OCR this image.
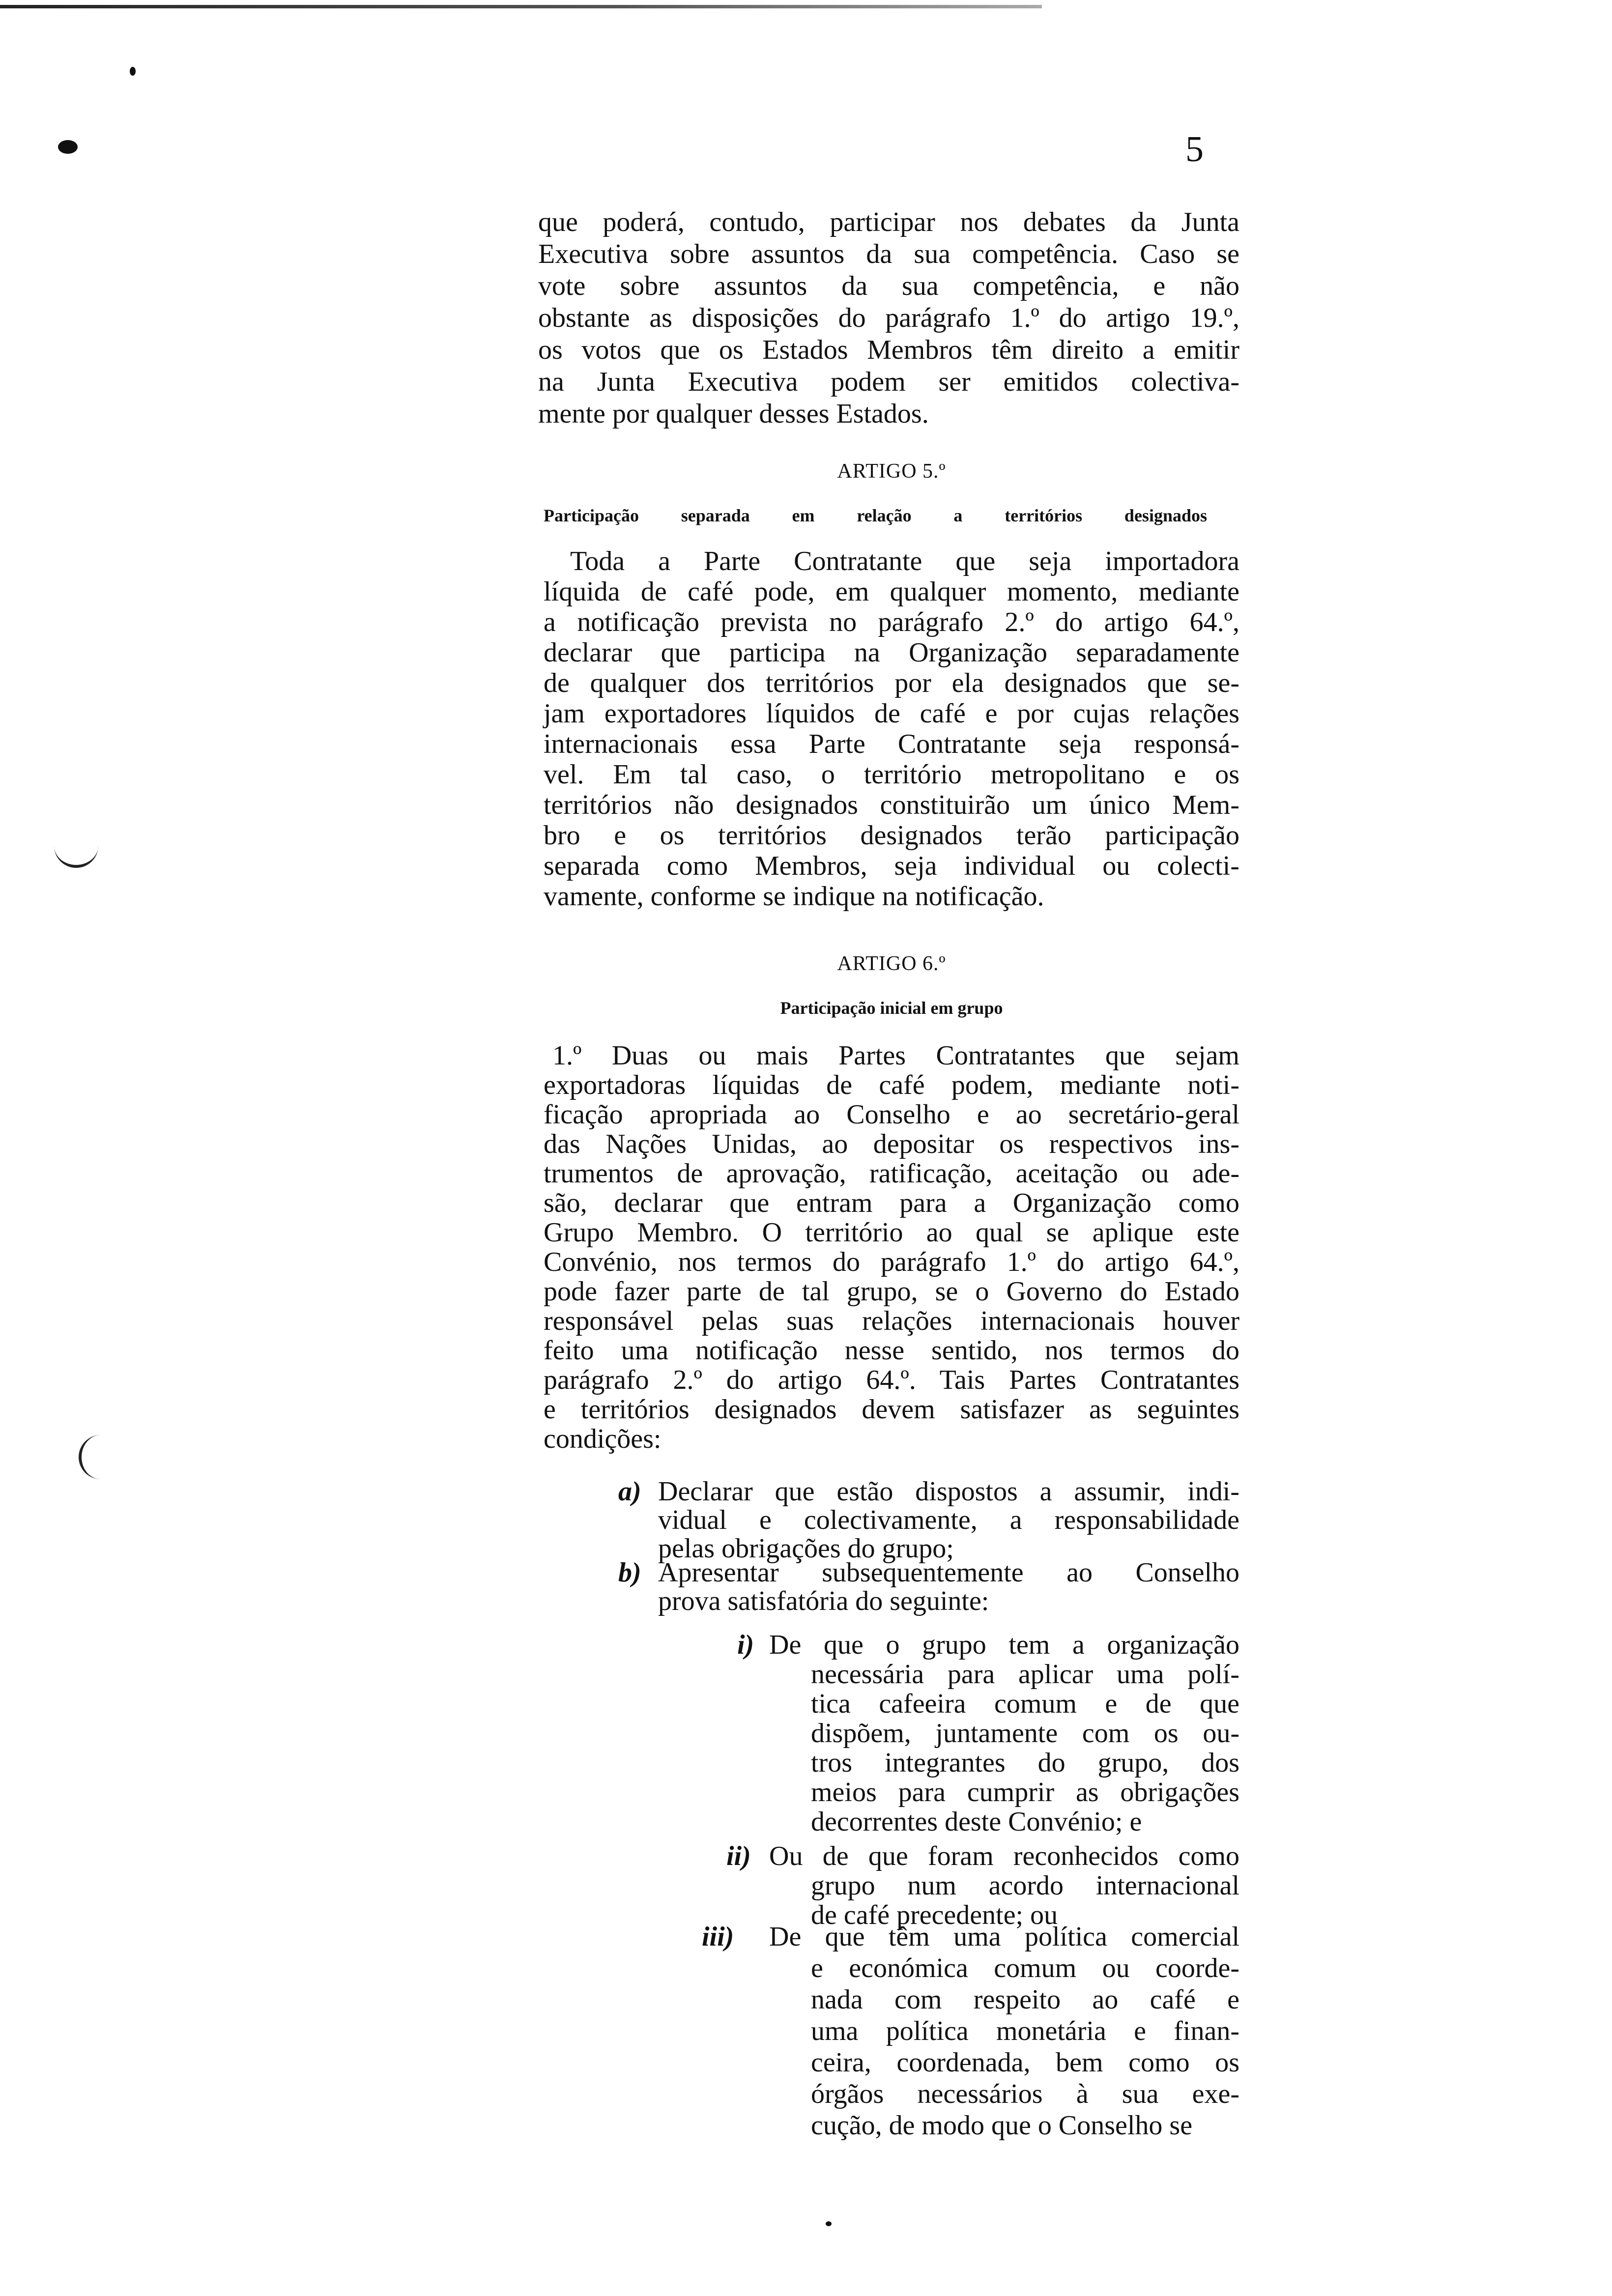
5
ARTIGO 5.º
Participação separada em relação a territórios designados
ARTIGO 6.º
Participação inicial em grupo
que poderá, contudo, participar nos debates da Junta
Executiva sobre assuntos da sua competência. Caso se
vote sobre assuntos da sua competência, e não
obstante as disposições do parágrafo 1.º do artigo 19.º,
os votos que os Estados Membros têm direito a emitir
na Junta Executiva podem ser emitidos colectiva-
mente por qualquer desses Estados.
Toda a Parte Contratante que seja importadora
líquida de café pode, em qualquer momento, mediante
a notificação prevista no parágrafo 2.º do artigo 64.º,
declarar que participa na Organização separadamente
de qualquer dos territórios por ela designados que se-
jam exportadores líquidos de café e por cujas relações
internacionais essa Parte Contratante seja responsá-
vel. Em tal caso, o território metropolitano e os
territórios não designados constituirão um único Mem-
bro e os territórios designados terão participação
separada como Membros, seja individual ou colecti-
vamente, conforme se indique na notificação.
1.º Duas ou mais Partes Contratantes que sejam
exportadoras líquidas de café podem, mediante noti-
ficação apropriada ao Conselho e ao secretário-geral
das Nações Unidas, ao depositar os respectivos ins-
trumentos de aprovação, ratificação, aceitação ou ade-
são, declarar que entram para a Organização como
Grupo Membro. O território ao qual se aplique este
Convénio, nos termos do parágrafo 1.º do artigo 64.º,
pode fazer parte de tal grupo, se o Governo do Estado
responsável pelas suas relações internacionais houver
feito uma notificação nesse sentido, nos termos do
parágrafo 2.º do artigo 64.º. Tais Partes Contratantes
e territórios designados devem satisfazer as seguintes
condições:
a) Declarar que estão dispostos a assumir, indi-
vidual e colectivamente, a responsabilidade
pelas obrigações do grupo;
b) Apresentar subsequentemente ao Conselho
prova satisfatória do seguinte:
i) De que o grupo tem a organização
necessária para aplicar uma polí-
tica cafeeira comum e de que
dispõem, juntamente com os ou-
tros integrantes do grupo, dos
meios para cumprir as obrigações
decorrentes deste Convénio; e
ii) Ou de que foram reconhecidos como
grupo num acordo internacional
de café precedente; ou
iii) De que têm uma política comercial
e económica comum ou coorde-
nada com respeito ao café e
uma política monetária e finan-
ceira, coordenada, bem como os
órgãos necessários à sua exe-
cução, de modo que o Conselho se
